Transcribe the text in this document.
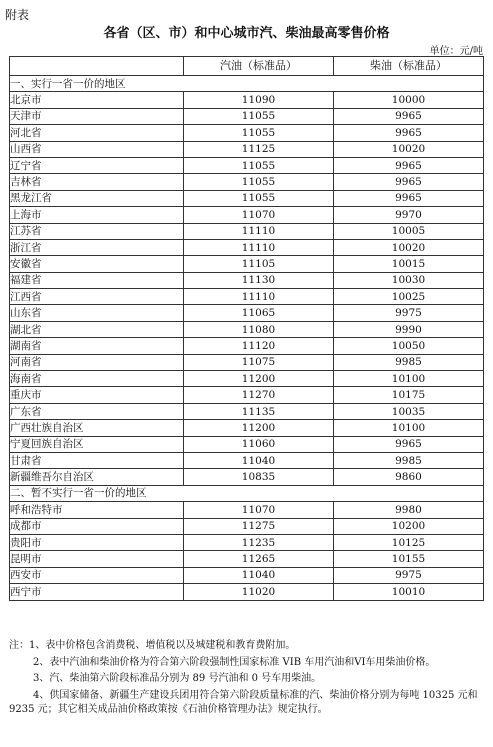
附表
各省（区、市）和中心城市汽、柴油最高零售价格
单位：元/吨
	汽油（标准品）	柴油（标准品）
一、实行一省一价的地区		
北京市	11090	10000
天津市	11055	9965
河北省	11055	9965
山西省	11125	10020
辽宁省	11055	9965
吉林省	11055	9965
黑龙江省	11055	9965
上海市	11070	9970
江苏省	11110	10005
浙江省	11110	10020
安徽省	11105	10015
福建省	11130	10030
江西省	11110	10025
山东省	11065	9975
湖北省	11080	9990
湖南省	11120	10050
河南省	11075	9985
海南省	11200	10100
重庆市	11270	10175
广东省	11135	10035
广西壮族自治区	11200	10100
宁夏回族自治区	11060	9965
甘肃省	11040	9985
新疆维吾尔自治区	10835	9860
二、暂不实行一省一价的地区		
呼和浩特市	11070	9980
成都市	11275	10200
贵阳市	11235	10125
昆明市	11265	10155
西安市	11040	9975
西宁市	11020	10010

注：1、表中价格包含消费税、增值税以及城建税和教育费附加。

2、表中汽油和柴油价格为符合第六阶段强制性国家标准 VIB 车用汽油和VI车用柴油价格。

3、汽、柴油第六阶段标准品分别为 89 号汽油和 0 号车用柴油。

4、供国家储备、新疆生产建设兵团用符合第六阶段质量标准的汽、柴油价格分别为每吨 10325 元和 9235 元；其它相关成品油价格政策按《石油价格管理办法》规定执行。
